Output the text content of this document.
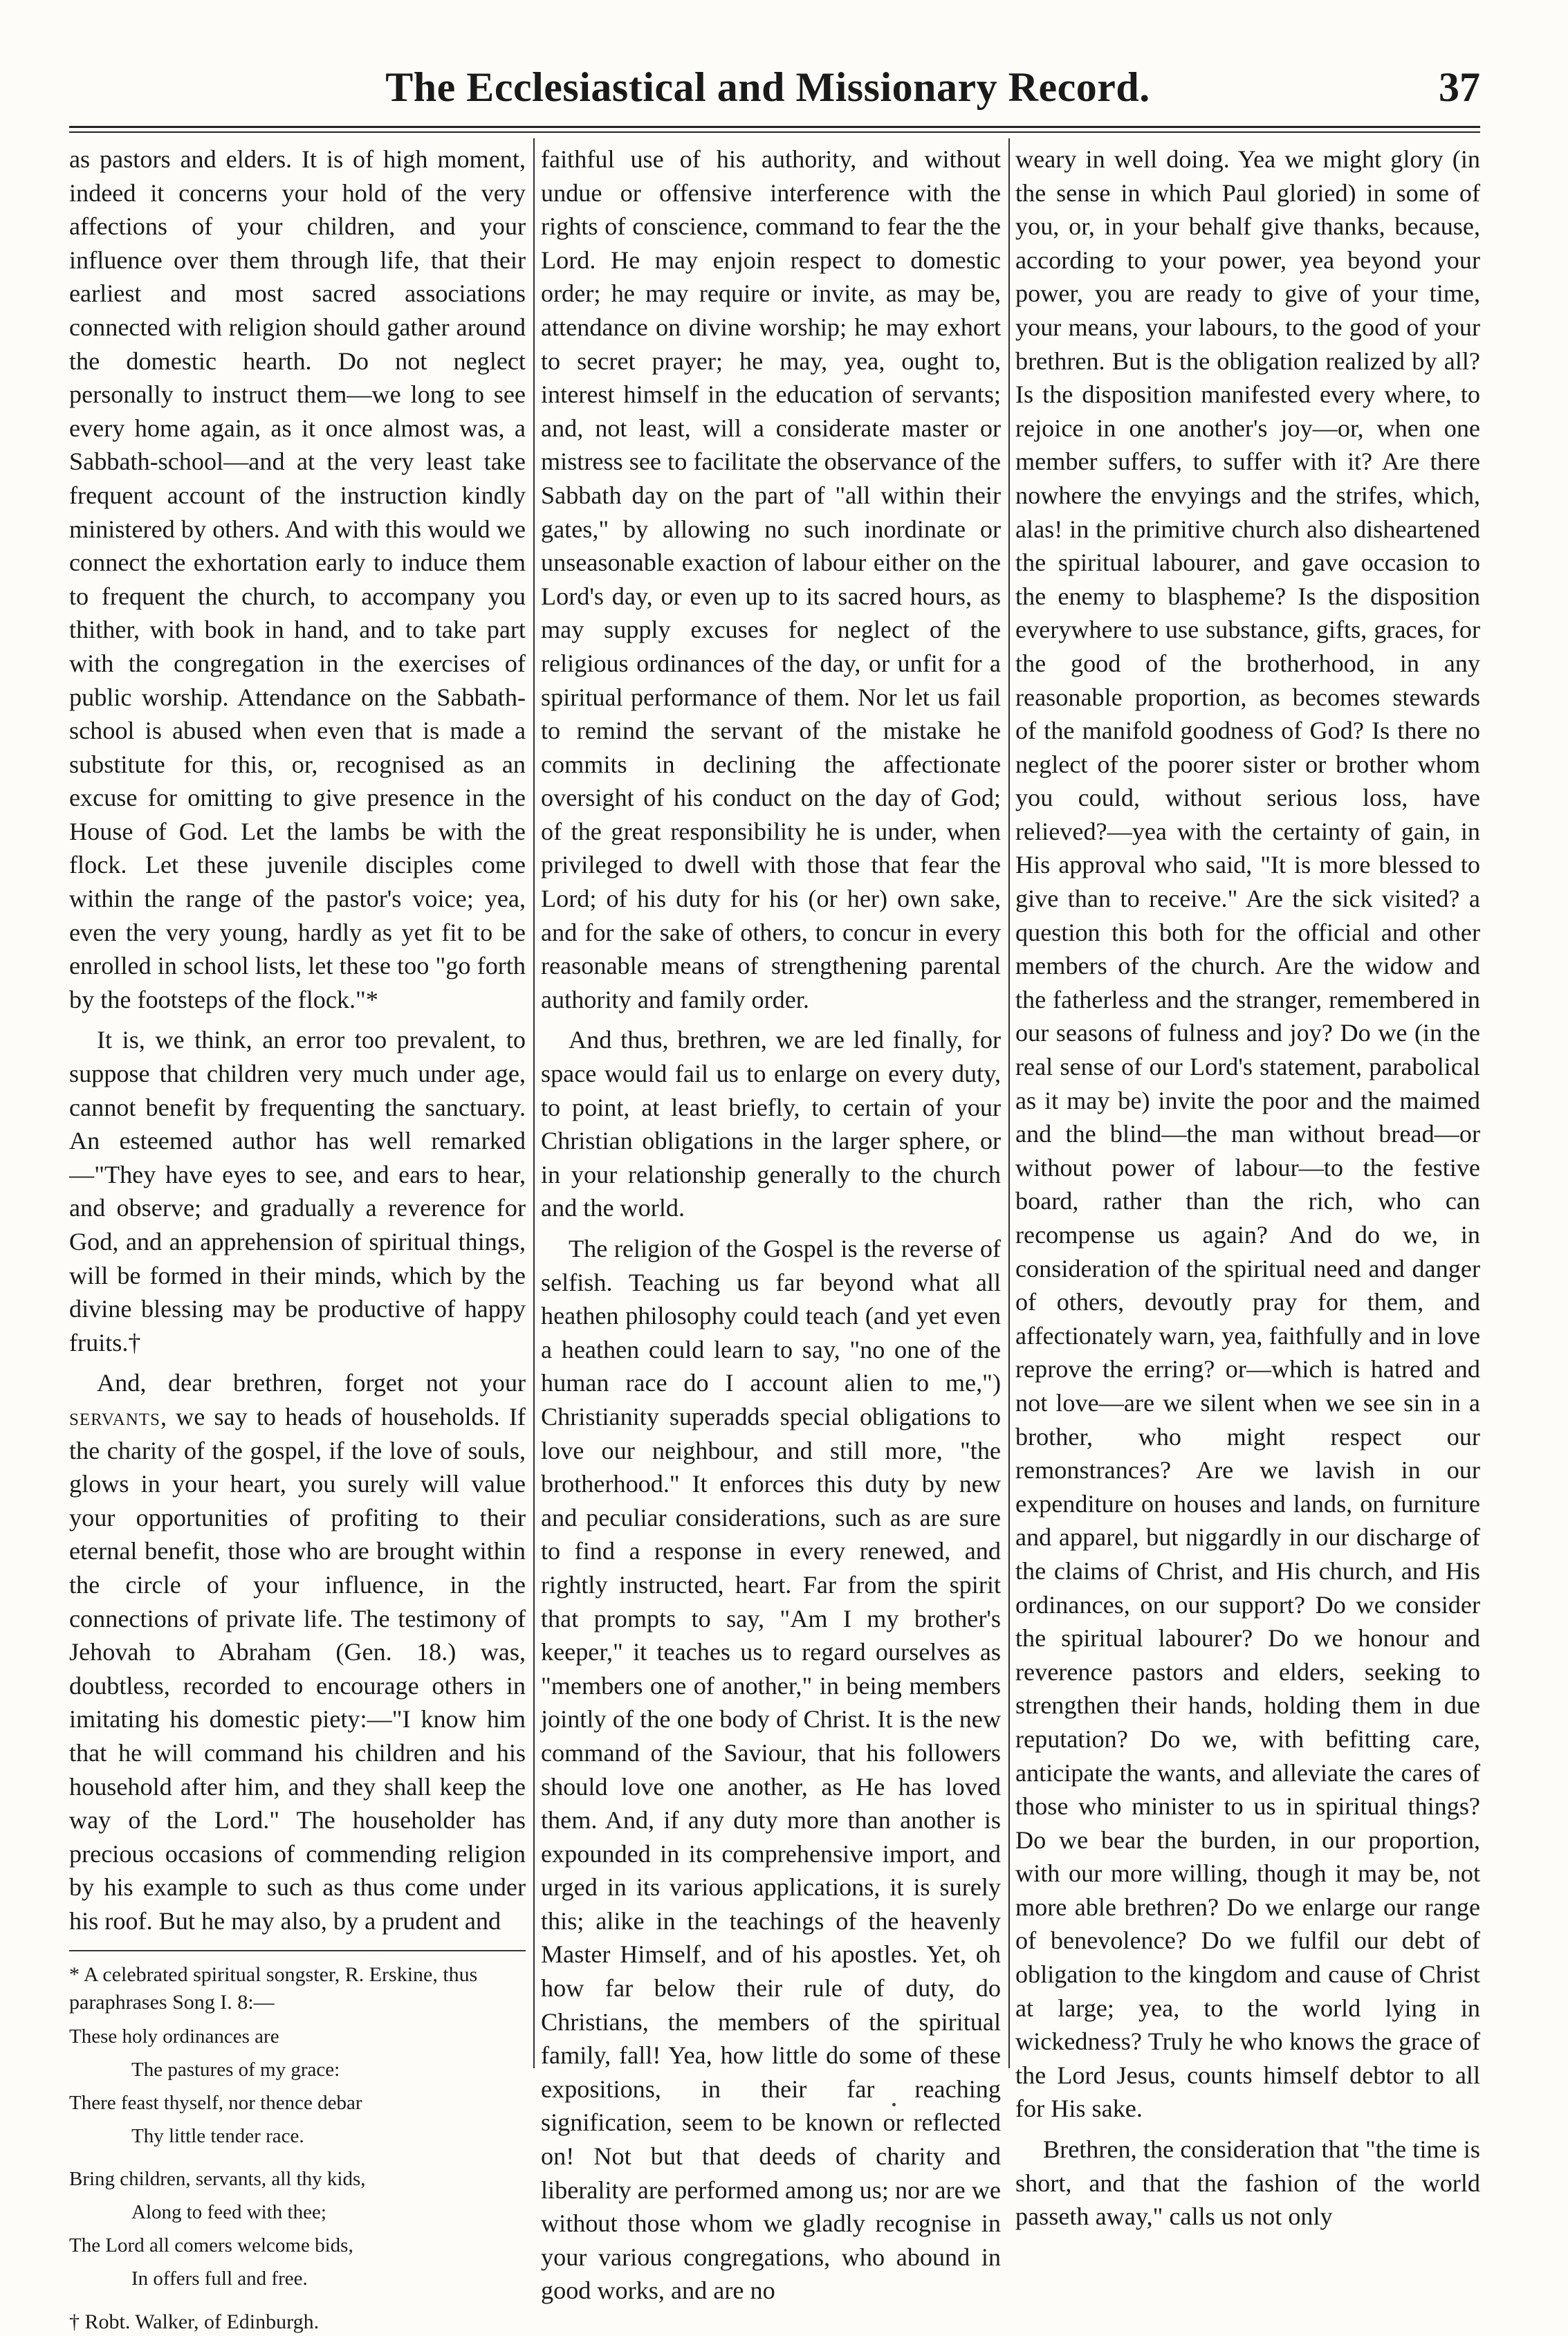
The Ecclesiastical and Missionary Record.	37

as pastors and elders. It is of high moment, indeed it concerns your hold of the very affections of your children, and your influence over them through life, that their earliest and most sacred associations connected with religion should gather around the domestic hearth. Do not neglect personally to instruct them—we long to see every home again, as it once almost was, a Sabbath-school—and at the very least take frequent account of the instruction kindly ministered by others. And with this would we connect the exhortation early to induce them to frequent the church, to accompany you thither, with book in hand, and to take part with the congregation in the exercises of public worship. Attendance on the Sabbath-school is abused when even that is made a substitute for this, or, recognised as an excuse for omitting to give presence in the House of God. Let the lambs be with the flock. Let these juvenile disciples come within the range of the pastor's voice; yea, even the very young, hardly as yet fit to be enrolled in school lists, let these too "go forth by the footsteps of the flock."*

It is, we think, an error too prevalent, to suppose that children very much under age, cannot benefit by frequenting the sanctuary. An esteemed author has well remarked—"They have eyes to see, and ears to hear, and observe; and gradually a reverence for God, and an apprehension of spiritual things, will be formed in their minds, which by the divine blessing may be productive of happy fruits.†

And, dear brethren, forget not your servants, we say to heads of households. If the charity of the gospel, if the love of souls, glows in your heart, you surely will value your opportunities of profiting to their eternal benefit, those who are brought within the circle of your influence, in the connections of private life. The testimony of Jehovah to Abraham (Gen. 18.) was, doubtless, recorded to encourage others in imitating his domestic piety:—"I know him that he will command his children and his household after him, and they shall keep the way of the Lord." The householder has precious occasions of commending religion by his example to such as thus come under his roof. But he may also, by a prudent and

* A celebrated spiritual songster, R. Erskine, thus paraphrases Song I. 8:—

These holy ordinances are

The pastures of my grace:

There feast thyself, nor thence debar

Thy little tender race.

Bring children, servants, all thy kids,

Along to feed with thee;

The Lord all comers welcome bids,

In offers full and free.

† Robt. Walker, of Edinburgh.

faithful use of his authority, and without undue or offensive interference with the rights of conscience, command to fear the the Lord. He may enjoin respect to domestic order; he may require or invite, as may be, attendance on divine worship; he may exhort to secret prayer; he may, yea, ought to, interest himself in the education of servants; and, not least, will a considerate master or mistress see to facilitate the observance of the Sabbath day on the part of "all within their gates," by allowing no such inordinate or unseasonable exaction of labour either on the Lord's day, or even up to its sacred hours, as may supply excuses for neglect of the religious ordinances of the day, or unfit for a spiritual performance of them. Nor let us fail to remind the servant of the mistake he commits in declining the affectionate oversight of his conduct on the day of God; of the great responsibility he is under, when privileged to dwell with those that fear the Lord; of his duty for his (or her) own sake, and for the sake of others, to concur in every reasonable means of strengthening parental authority and family order.

And thus, brethren, we are led finally, for space would fail us to enlarge on every duty, to point, at least briefly, to certain of your Christian obligations in the larger sphere, or in your relationship generally to the church and the world.

The religion of the Gospel is the reverse of selfish. Teaching us far beyond what all heathen philosophy could teach (and yet even a heathen could learn to say, "no one of the human race do I account alien to me,") Christianity superadds special obligations to love our neighbour, and still more, "the brotherhood." It enforces this duty by new and peculiar considerations, such as are sure to find a response in every renewed, and rightly instructed, heart. Far from the spirit that prompts to say, "Am I my brother's keeper," it teaches us to regard ourselves as "members one of another," in being members jointly of the one body of Christ. It is the new command of the Saviour, that his followers should love one another, as He has loved them. And, if any duty more than another is expounded in its comprehensive import, and urged in its various applications, it is surely this; alike in the teachings of the heavenly Master Himself, and of his apostles. Yet, oh how far below their rule of duty, do Christians, the members of the spiritual family, fall! Yea, how little do some of these expositions, in their far reaching signification, seem to be known or reflected on! Not but that deeds of charity and liberality are performed among us; nor are we without those whom we gladly recognise in your various congregations, who abound in good works, and are no

weary in well doing. Yea we might glory (in the sense in which Paul gloried) in some of you, or, in your behalf give thanks, because, according to your power, yea beyond your power, you are ready to give of your time, your means, your labours, to the good of your brethren. But is the obligation realized by all? Is the disposition manifested every where, to rejoice in one another's joy—or, when one member suffers, to suffer with it? Are there nowhere the envyings and the strifes, which, alas! in the primitive church also disheartened the spiritual labourer, and gave occasion to the enemy to blaspheme? Is the disposition everywhere to use substance, gifts, graces, for the good of the brotherhood, in any reasonable proportion, as becomes stewards of the manifold goodness of God? Is there no neglect of the poorer sister or brother whom you could, without serious loss, have relieved?—yea with the certainty of gain, in His approval who said, "It is more blessed to give than to receive." Are the sick visited? a question this both for the official and other members of the church. Are the widow and the fatherless and the stranger, remembered in our seasons of fulness and joy? Do we (in the real sense of our Lord's statement, parabolical as it may be) invite the poor and the maimed and the blind—the man without bread—or without power of labour—to the festive board, rather than the rich, who can recompense us again? And do we, in consideration of the spiritual need and danger of others, devoutly pray for them, and affectionately warn, yea, faithfully and in love reprove the erring? or—which is hatred and not love—are we silent when we see sin in a brother, who might respect our remonstrances? Are we lavish in our expenditure on houses and lands, on furniture and apparel, but niggardly in our discharge of the claims of Christ, and His church, and His ordinances, on our support? Do we consider the spiritual labourer? Do we honour and reverence pastors and elders, seeking to strengthen their hands, holding them in due reputation? Do we, with befitting care, anticipate the wants, and alleviate the cares of those who minister to us in spiritual things? Do we bear the burden, in our proportion, with our more willing, though it may be, not more able brethren? Do we enlarge our range of benevolence? Do we fulfil our debt of obligation to the kingdom and cause of Christ at large; yea, to the world lying in wickedness? Truly he who knows the grace of the Lord Jesus, counts himself debtor to all for His sake.

Brethren, the consideration that "the time is short, and that the fashion of the world passeth away," calls us not only
